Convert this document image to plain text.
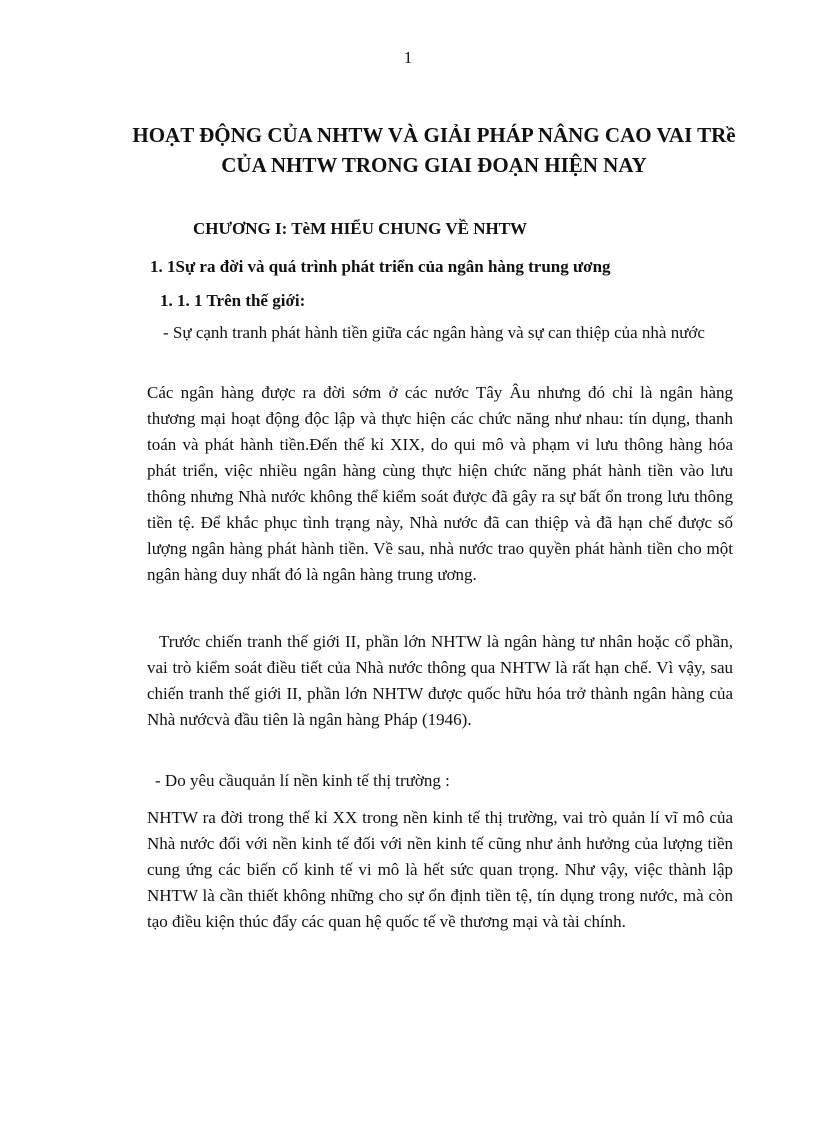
1
HOẠT ĐỘNG CỦA NHTW VÀ GIẢI PHÁP NÂNG CAO VAI TRề CỦA NHTW TRONG GIAI ĐOẠN HIỆN NAY
CHƯƠNG I: TèM HIỂU CHUNG VỀ NHTW
1. 1Sự ra đời và quá trình phát triển của ngân hàng trung ương
1. 1. 1 Trên thế giới:

- Sự cạnh tranh phát hành tiền giữa các ngân hàng và sự can thiệp của nhà nước

Các ngân hàng được ra đời sớm ở các nước Tây Âu nhưng đó chỉ là ngân hàng thương mại hoạt động độc lập và thực hiện các chức năng như nhau: tín dụng, thanh toán và phát hành tiền.Đến thế kỉ XIX, do qui mô và phạm vi lưu thông hàng hóa phát triển, việc nhiều ngân hàng cùng thực hiện chức năng phát hành tiền vào lưu thông nhưng Nhà nước không thể kiểm soát được đã gây ra sự bất ổn trong lưu thông tiền tệ. Để khắc phục tình trạng này, Nhà nước đã can thiệp và đã hạn chế được số lượng ngân hàng phát hành tiền. Về sau, nhà nước trao quyền phát hành tiền cho một ngân hàng duy nhất đó là ngân hàng trung ương.

Trước chiến tranh thế giới II, phần lớn NHTW là ngân hàng tư nhân hoặc cổ phần, vai trò kiểm soát điều tiết của Nhà nước thông qua NHTW là rất hạn chế. Vì vậy, sau chiến tranh thế giới II, phần lớn NHTW được quốc hữu hóa trở thành ngân hàng của Nhà nướcvà đầu tiên là ngân hàng Pháp (1946).

- Do yêu cầuquản lí nền kinh tế thị trường :

NHTW ra đời trong thế kỉ XX trong nền kinh tế thị trường, vai trò quản lí vĩ mô của Nhà nước đối với nền kinh tế đối với nền kinh tế cũng như ảnh hưởng của lượng tiền cung ứng các biến cố kinh tế vi mô là hết sức quan trọng. Như vậy, việc thành lập NHTW là cần thiết không những cho sự ổn định tiền tệ, tín dụng trong nước, mà còn tạo điều kiện thúc đẩy các quan hệ quốc tế về thương mại và tài chính.
